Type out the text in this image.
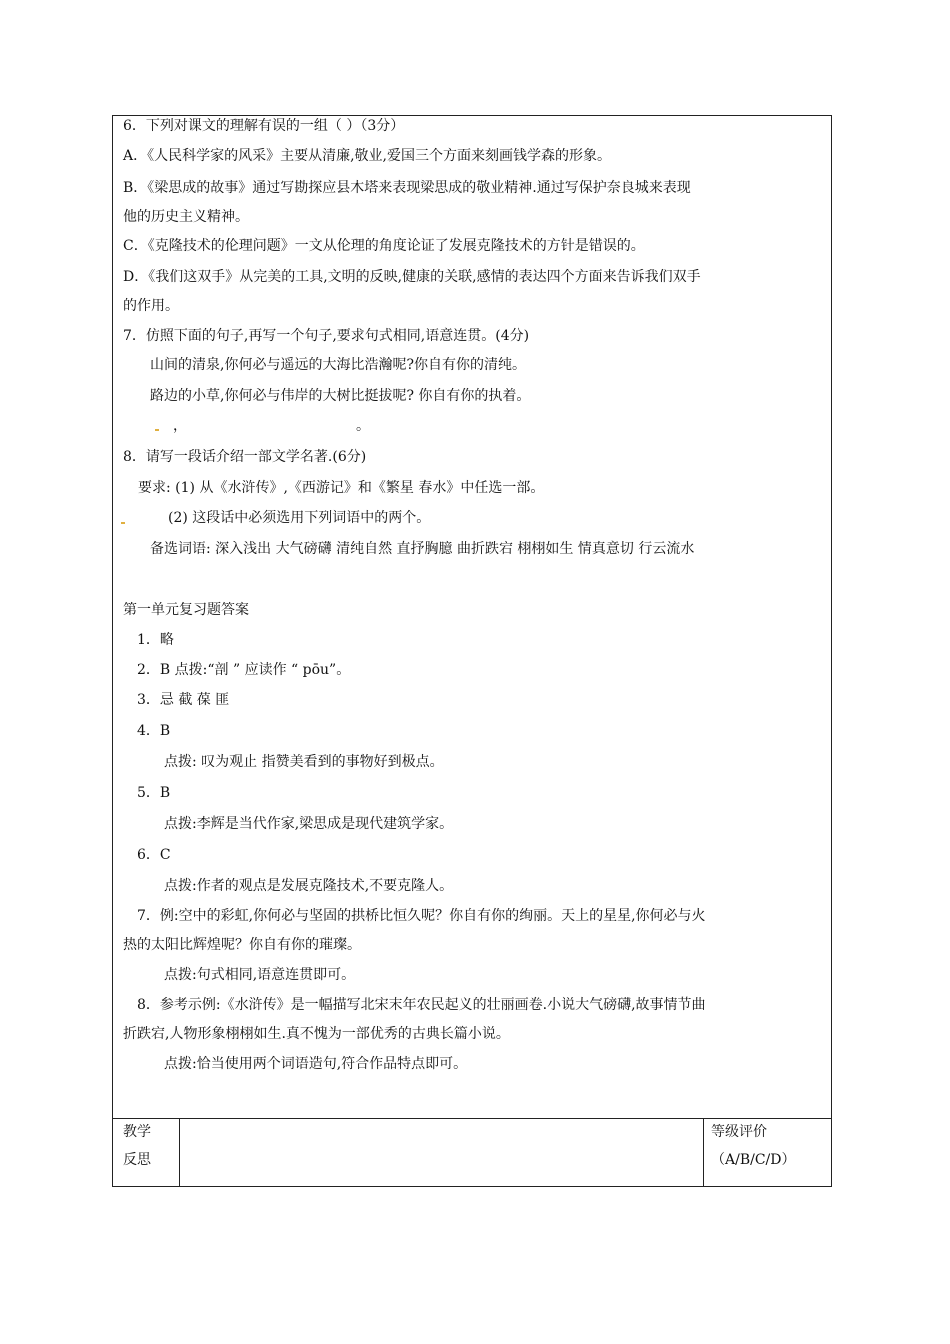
6．下列对课文的理解有误的一组（ ）（3分）
A．《人民科学家的风采》主要从清廉,敬业,爱国三个方面来刻画钱学森的形象。
B．《梁思成的故事》通过写勘探应县木塔来表现梁思成的敬业精神.通过写保护奈良城来表现
他的历史主义精神。
C．《克隆技术的伦理问题》一文从伦理的角度论证了发展克隆技术的方针是错误的。
D．《我们这双手》从完美的工具,文明的反映,健康的关联,感情的表达四个方面来告诉我们双手
的作用。
7．仿照下面的句子,再写一个句子,要求句式相同,语意连贯。(4分)
山间的清泉,你何必与遥远的大海比浩瀚呢?你自有你的清纯。
路边的小草,你何必与伟岸的大树比挺拔呢? 你自有你的执着。
，	。
8．请写一段话介绍一部文学名著.(6分)
要求: (1) 从《水浒传》,《西游记》和《繁星 春水》中任选一部。
(2) 这段话中必须选用下列词语中的两个。
备选词语: 深入浅出 大气磅礴 清纯自然 直抒胸臆 曲折跌宕 栩栩如生 情真意切 行云流水
第一单元复习题答案
1．略
2．B 点拨:“剖 ” 应读作 “ pōu”。
3．忌 截 葆 匪
4．B
点拨: 叹为观止 指赞美看到的事物好到极点。
5．B
点拨:李辉是当代作家,梁思成是现代建筑学家。
6．C
点拨:作者的观点是发展克隆技术,不要克隆人。
7．例:空中的彩虹,你何必与坚固的拱桥比恒久呢？你自有你的绚丽。天上的星星,你何必与火
热的太阳比辉煌呢？你自有你的璀璨。
点拨:句式相同,语意连贯即可。
8．参考示例:《水浒传》是一幅描写北宋末年农民起义的壮丽画卷.小说大气磅礴,故事情节曲
折跌宕,人物形象栩栩如生.真不愧为一部优秀的古典长篇小说。
点拨:恰当使用两个词语造句,符合作品特点即可。
教学
反思
等级评价
（A/B/C/D）
